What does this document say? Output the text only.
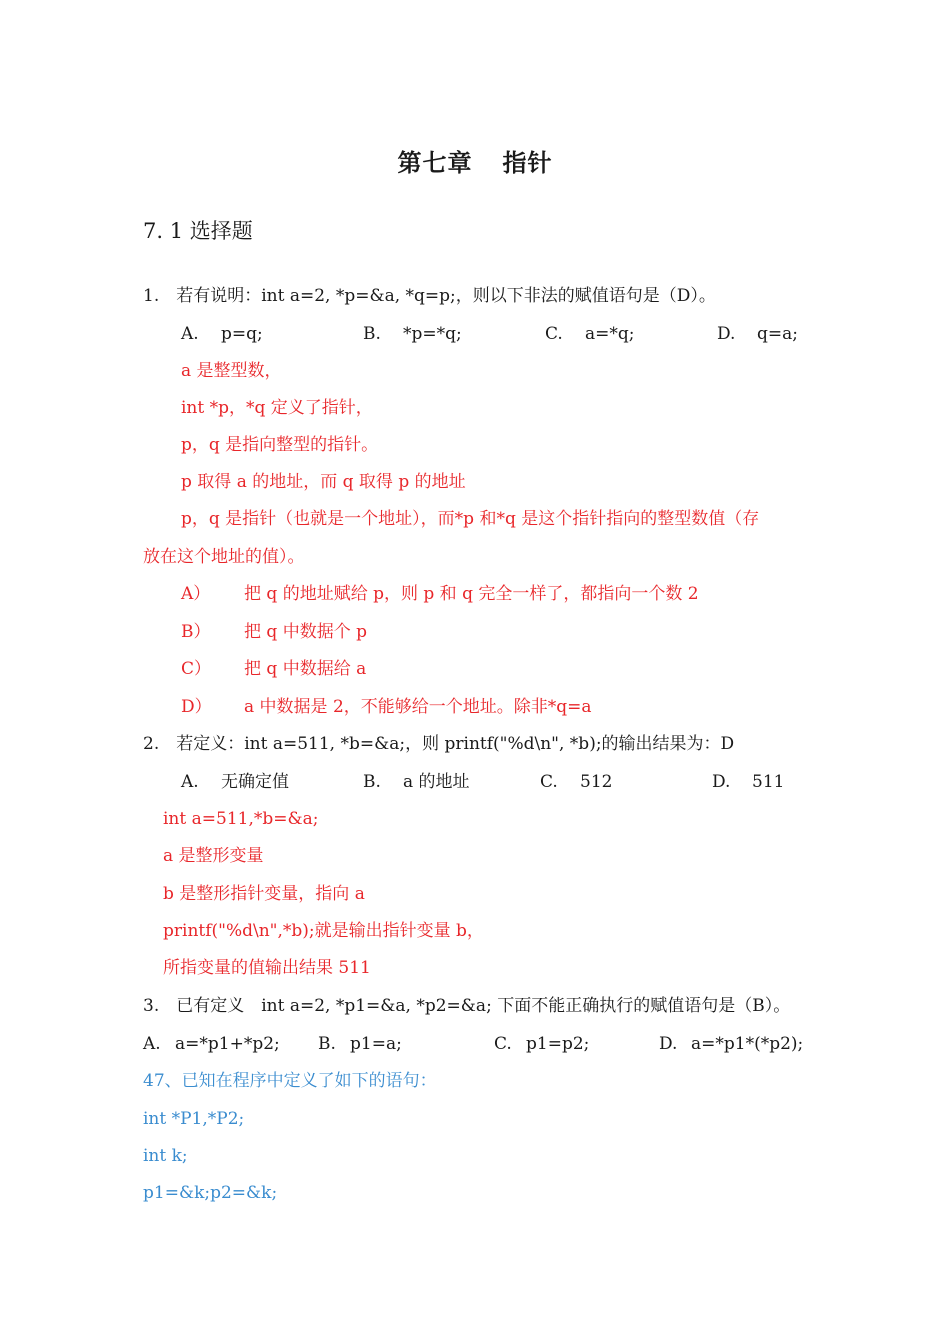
第七章 指针
7. 1 选择题
1.　若有说明：int a=2, *p=&a, *q=p;，则以下非法的赋值语句是（D）。
A. p=q;	B. *p=*q;	C. a=*q;	D. q=a;
a 是整型数，
int *p，*q 定义了指针，
p，q 是指向整型的指针。
p 取得 a 的地址，而 q 取得 p 的地址
p，q 是指针（也就是一个地址），而*p 和*q 是这个指针指向的整型数值（存
放在这个地址的值）。
A） 把 q 的地址赋给 p，则 p 和 q 完全一样了，都指向一个数 2
B） 把 q 中数据个 p
C） 把 q 中数据给 a
D） a 中数据是 2，不能够给一个地址。除非*q=a
2.　若定义：int a=511, *b=&a;，则 printf("%d\n", *b);的输出结果为：D
A. 无确定值	B. a 的地址	C. 512	D. 511
int a=511,*b=&a;
a 是整形变量
b 是整形指针变量，指向 a
printf("%d\n",*b);就是输出指针变量 b，
所指变量的值输出结果 511
3.　已有定义　int a=2, *p1=&a, *p2=&a; 下面不能正确执行的赋值语句是（B）。
A. a=*p1+*p2; B. p1=a;	C. p1=p2;	D. a=*p1*(*p2);
47、已知在程序中定义了如下的语句：
int *P1,*P2;
int k;
p1=&k;p2=&k;
